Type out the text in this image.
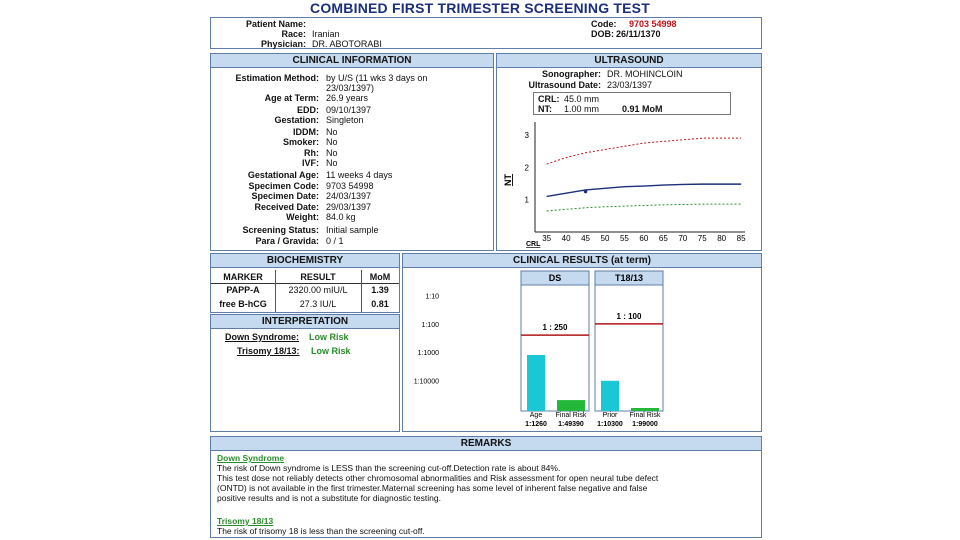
COMBINED FIRST TRIMESTER SCREENING TEST
Patient Name:
Race: Iranian
Physician: DR. ABOTORABI
Code: 9703 54998
DOB: 26/11/1370
CLINICAL INFORMATION
Estimation Method: by U/S (11 wks 3 days on
23/03/1397)
Age at Term: 26.9 years
EDD: 09/10/1397
Gestation: Singleton
IDDM: No
Smoker: No
Rh: No
IVF: No
Gestational Age: 11 weeks 4 days
Specimen Code: 9703 54998
Specimen Date: 24/03/1397
Received Date: 29/03/1397
Weight: 84.0 kg
Screening Status: Initial sample
Para / Gravida: 0 / 1
ULTRASOUND
Sonographer: DR. MOHINCLOIN
Ultrasound Date: 23/03/1397
CRL: 45.0 mm
NT: 1.00 mm	0.91 MoM
1
2
3
35 40 45 50 55 60 65 70 75 80 85
NT
CRL
BIOCHEMISTRY
MARKER	RESULT	MoM
PAPP-A	2320.00 mIU/L	1.39
free B-hCG	27.3 IU/L	0.81
INTERPRETATION
Down Syndrome: Low Risk
Trisomy 18/13: Low Risk
CLINICAL RESULTS (at term)
1:10
1:100
1:1000
1:10000
DS
1 : 250
Age
1:1260
Final Risk
1:49390
T18/13
1 : 100
Prior
1:10300
Final Risk
1:99000
REMARKS
Down Syndrome
The risk of Down syndrome is LESS than the screening cut-off.Detection rate is about 84%.
This test dose not reliably detects other chromosomal abnormalities and Risk assessment for open neural tube defect
(ONTD) is not available in the first trimester.Maternal screening has some level of inherent false negative and false
positive results and is not a substitute for diagnostic testing.
Trisomy 18/13
The risk of trisomy 18 is less than the screening cut-off.
